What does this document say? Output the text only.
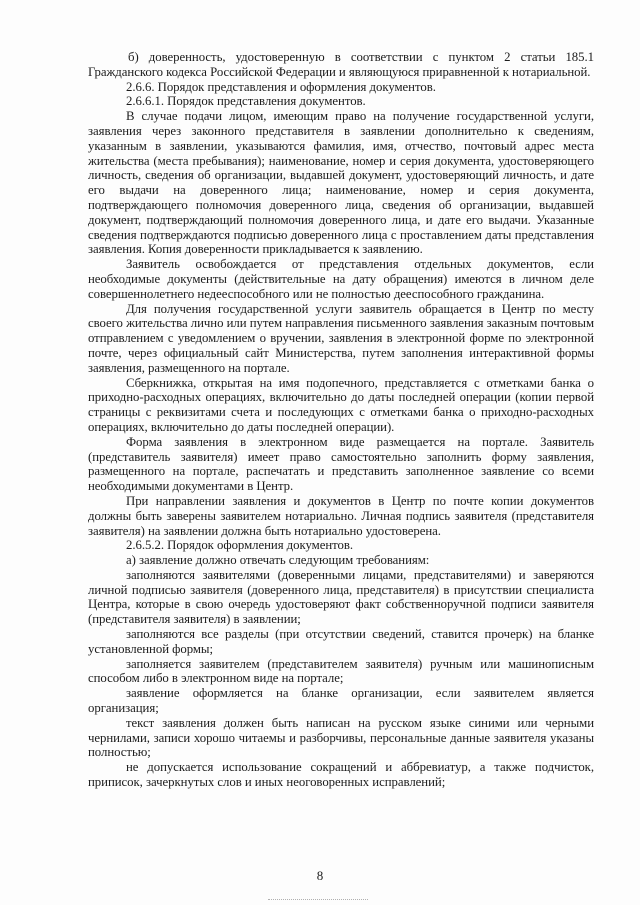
б) доверенность, удостоверенную в соответствии с пунктом 2 статьи 185.1 Гражданского кодекса Российской Федерации и являющуюся приравненной к нотариальной.

2.6.6. Порядок представления и оформления документов.

2.6.6.1. Порядок представления документов.

В случае подачи лицом, имеющим право на получение государственной услуги, заявления через законного представителя в заявлении дополнительно к сведениям, указанным в заявлении, указываются фамилия, имя, отчество, почтовый адрес места жительства (места пребывания); наименование, номер и серия документа, удостоверяющего личность, сведения об организации, выдавшей документ, удостоверяющий личность, и дате его выдачи на доверенного лица; наименование, номер и серия документа, подтверждающего полномочия доверенного лица, сведения об организации, выдавшей документ, подтверждающий полномочия доверенного лица, и дате его выдачи. Указанные сведения подтверждаются подписью доверенного лица с проставлением даты представления заявления. Копия доверенности прикладывается к заявлению.

Заявитель освобождается от представления отдельных документов, если необходимые документы (действительные на дату обращения) имеются в личном деле совершеннолетнего недееспособного или не полностью дееспособного гражданина.

Для получения государственной услуги заявитель обращается в Центр по месту своего жительства лично или путем направления письменного заявления заказным почтовым отправлением с уведомлением о вручении, заявления в электронной форме по электронной почте, через официальный сайт Министерства, путем заполнения интерактивной формы заявления, размещенного на портале.

Сберкнижка, открытая на имя подопечного, представляется с отметками банка о приходно-расходных операциях, включительно до даты последней операции (копии первой страницы с реквизитами счета и последующих с отметками банка о приходно-расходных операциях, включительно до даты последней операции).

Форма заявления в электронном виде размещается на портале. Заявитель (представитель заявителя) имеет право самостоятельно заполнить форму заявления, размещенного на портале, распечатать и представить заполненное заявление со всеми необходимыми документами в Центр.

При направлении заявления и документов в Центр по почте копии документов должны быть заверены заявителем нотариально. Личная подпись заявителя (представителя заявителя) на заявлении должна быть нотариально удостоверена.

2.6.5.2. Порядок оформления документов.

а) заявление должно отвечать следующим требованиям:

заполняются заявителями (доверенными лицами, представителями) и заверяются личной подписью заявителя (доверенного лица, представителя) в присутствии специалиста Центра, которые в свою очередь удостоверяют факт собственноручной подписи заявителя (представителя заявителя) в заявлении;

заполняются все разделы (при отсутствии сведений, ставится прочерк) на бланке установленной формы;

заполняется заявителем (представителем заявителя) ручным или машинописным способом либо в электронном виде на портале;

заявление оформляется на бланке организации, если заявителем является организация;

текст заявления должен быть написан на русском языке синими или черными чернилами, записи хорошо читаемы и разборчивы, персональные данные заявителя указаны полностью;

не допускается использование сокращений и аббревиатур, а также подчисток, приписок, зачеркнутых слов и иных неоговоренных исправлений;

8
